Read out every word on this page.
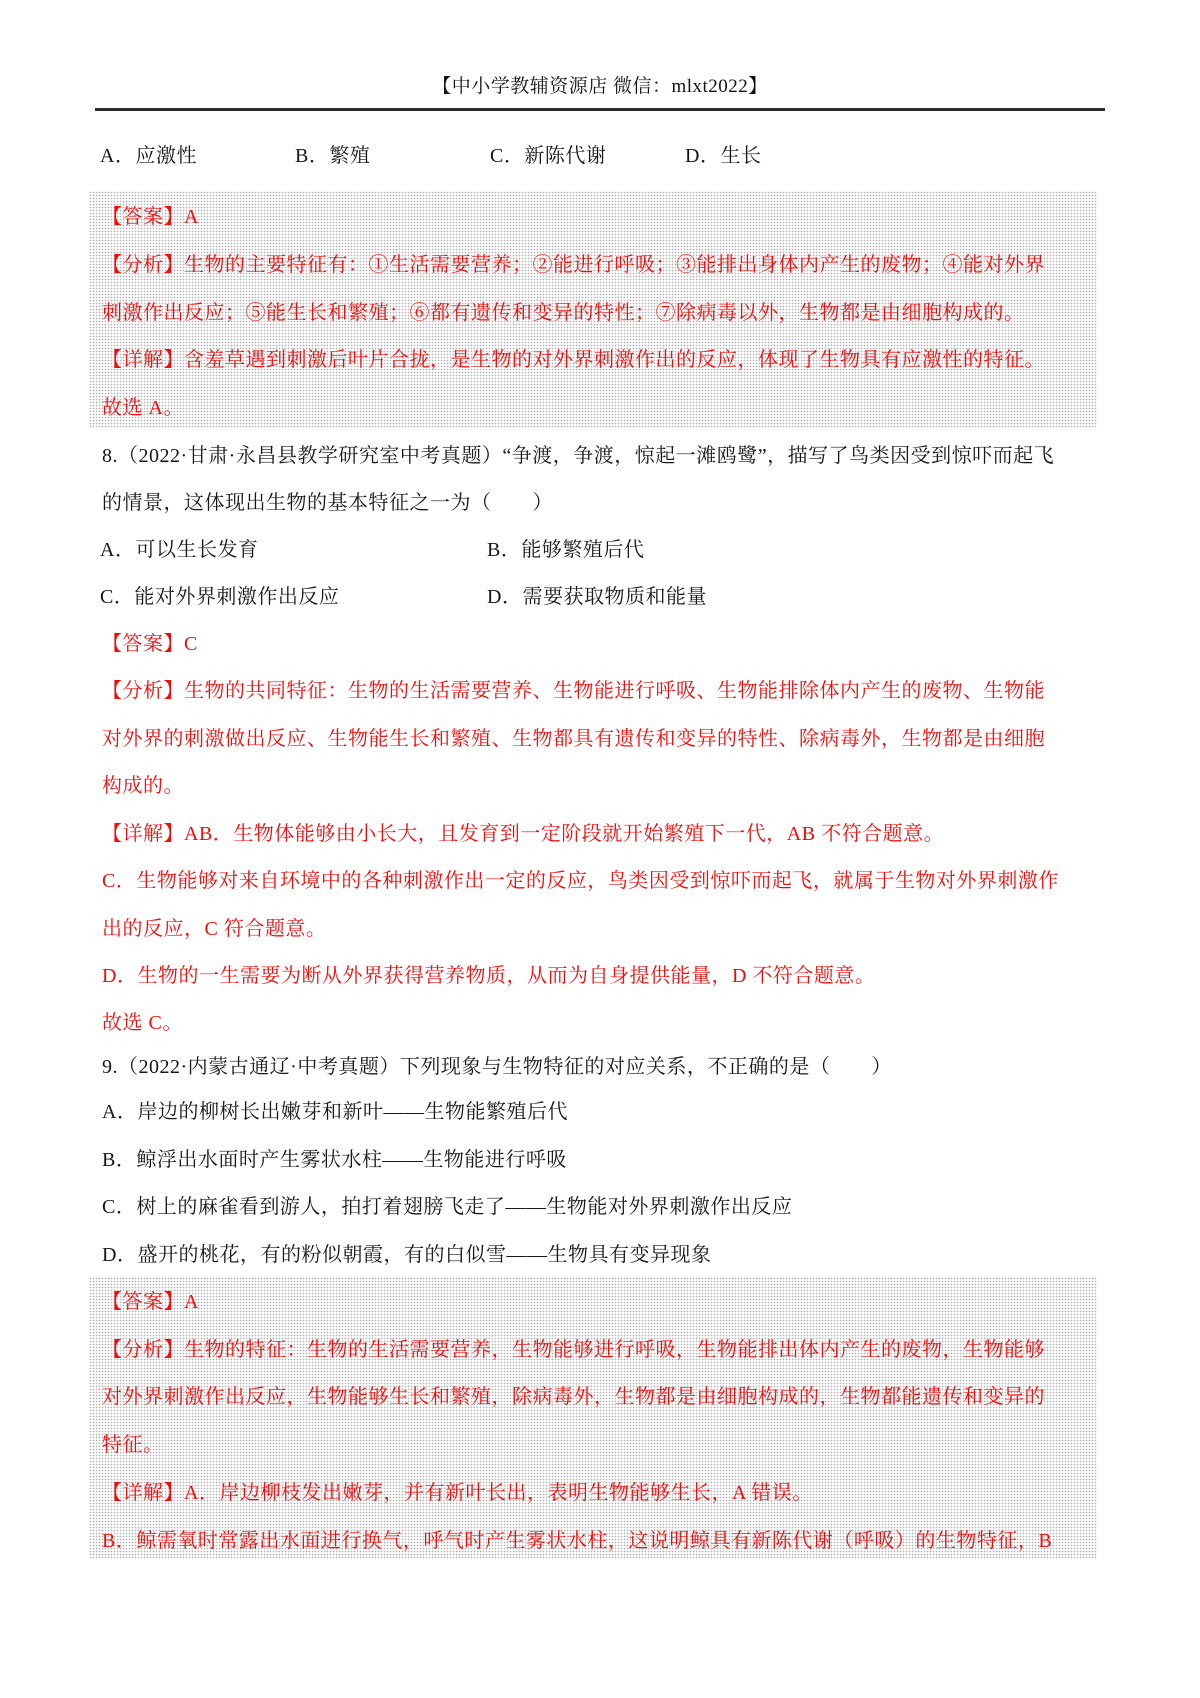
【中小学教辅资源店 微信：mlxt2022】
A．应激性	B．繁殖	C．新陈代谢	D．生长
【答案】A
【分析】生物的主要特征有：①生活需要营养；②能进行呼吸；③能排出身体内产生的废物；④能对外界
刺激作出反应；⑤能生长和繁殖；⑥都有遗传和变异的特性；⑦除病毒以外，生物都是由细胞构成的。
【详解】含羞草遇到刺激后叶片合拢，是生物的对外界刺激作出的反应，体现了生物具有应激性的特征。
故选 A。
8.（2022·甘肃·永昌县教学研究室中考真题）“争渡，争渡，惊起一滩鸥鹭”，描写了鸟类因受到惊吓而起飞
的情景，这体现出生物的基本特征之一为（　　）
A．可以生长发育	B．能够繁殖后代
C．能对外界刺激作出反应	D．需要获取物质和能量
【答案】C
【分析】生物的共同特征：生物的生活需要营养、生物能进行呼吸、生物能排除体内产生的废物、生物能
对外界的刺激做出反应、生物能生长和繁殖、生物都具有遗传和变异的特性、除病毒外，生物都是由细胞
构成的。
【详解】AB．生物体能够由小长大，且发育到一定阶段就开始繁殖下一代，AB 不符合题意。
C．生物能够对来自环境中的各种刺激作出一定的反应，鸟类因受到惊吓而起飞，就属于生物对外界刺激作
出的反应，C 符合题意。
D．生物的一生需要为断从外界获得营养物质，从而为自身提供能量，D 不符合题意。
故选 C。
9.（2022·内蒙古通辽·中考真题）下列现象与生物特征的对应关系，不正确的是（　　）
A．岸边的柳树长出嫩芽和新叶——生物能繁殖后代
B．鲸浮出水面时产生雾状水柱——生物能进行呼吸
C．树上的麻雀看到游人，拍打着翅膀飞走了——生物能对外界刺激作出反应
D．盛开的桃花，有的粉似朝霞，有的白似雪——生物具有变异现象
【答案】A
【分析】生物的特征：生物的生活需要营养，生物能够进行呼吸，生物能排出体内产生的废物，生物能够
对外界刺激作出反应，生物能够生长和繁殖，除病毒外，生物都是由细胞构成的，生物都能遗传和变异的
特征。
【详解】A．岸边柳枝发出嫩芽，并有新叶长出，表明生物能够生长，A 错误。
B．鲸需氧时常露出水面进行换气，呼气时产生雾状水柱，这说明鲸具有新陈代谢（呼吸）的生物特征，B
